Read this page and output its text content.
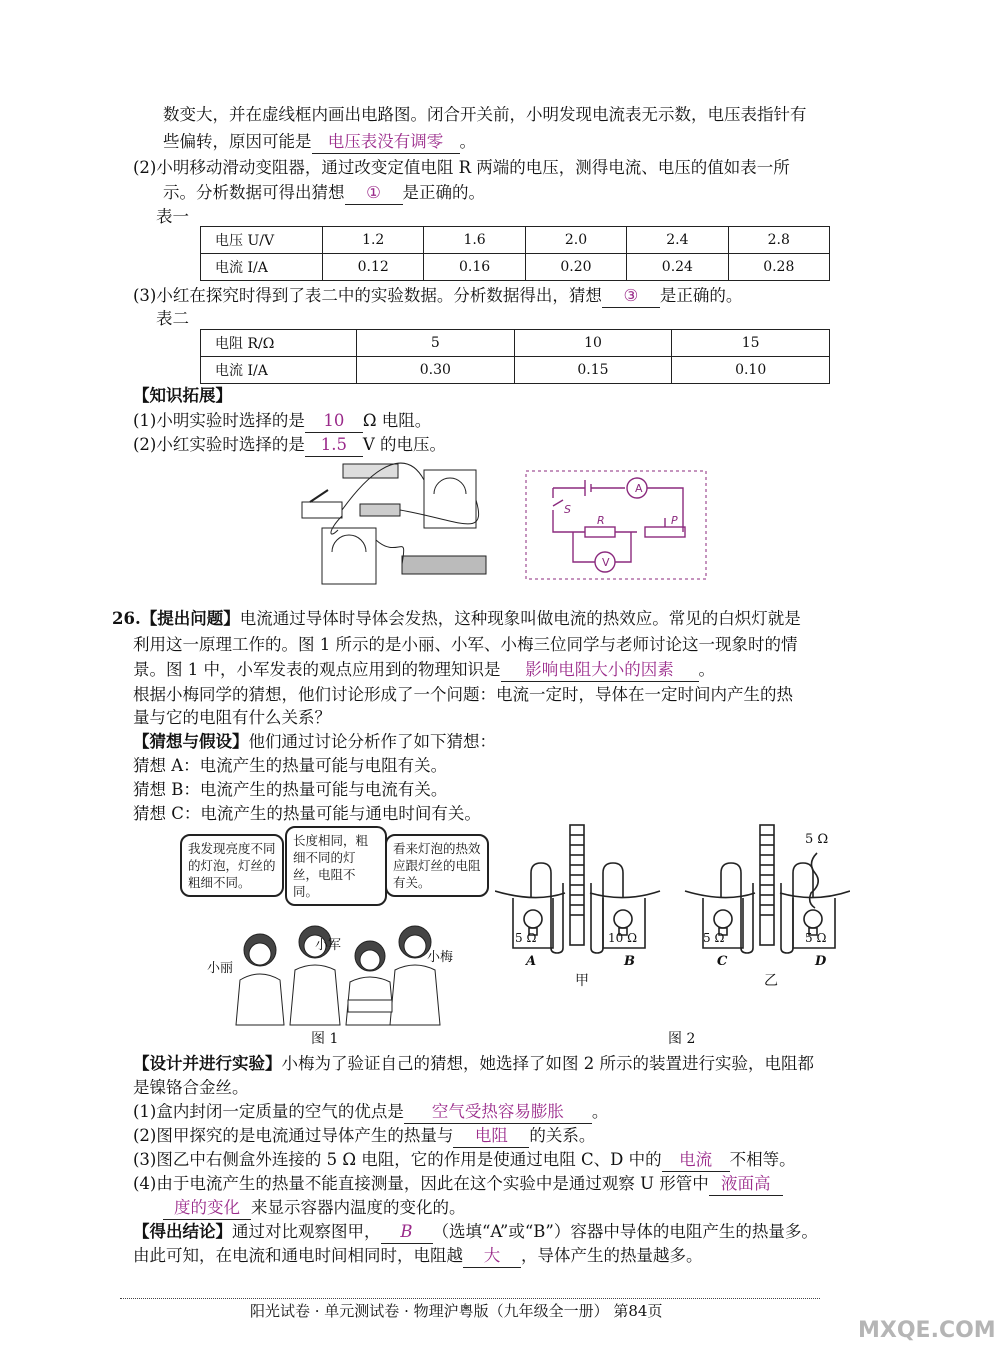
数变大，并在虚线框内画出电路图。闭合开关前，小明发现电流表无示数，电压表指针有
些偏转，原因可能是 电压表没有调零 。
(2)小明移动滑动变阻器，通过改变定值电阻 R 两端的电压，测得电流、电压的值如表一所
示。分析数据可得出猜想 ① 是正确的。
表一
电压 U/V	1.2	1.6	2.0	2.4	2.8
电流 I/A	0.12	0.16	0.20	0.24	0.28
(3)小红在探究时得到了表二中的实验数据。分析数据得出，猜想 ③ 是正确的。
表二
电阻 R/Ω	5	10	15
电流 I/A	0.30	0.15	0.10
【知识拓展】
(1)小明实验时选择的是 10 Ω 电阻。
(2)小红实验时选择的是 1.5 V 的电压。
A
S
R	P
V
26.【提出问题】电流通过导体时导体会发热，这种现象叫做电流的热效应。常见的白炽灯就是
利用这一原理工作的。图 1 所示的是小丽、小军、小梅三位同学与老师讨论这一现象时的情
景。图 1 中，小军发表的观点应用到的物理知识是 影响电阻大小的因素 。
根据小梅同学的猜想，他们讨论形成了一个问题：电流一定时，导体在一定时间内产生的热
量与它的电阻有什么关系？
【猜想与假设】他们通过讨论分析作了如下猜想：
猜想 A：电流产生的热量可能与电阻有关。
猜想 B：电流产生的热量可能与电流有关。
猜想 C：电流产生的热量可能与通电时间有关。
我发现亮度不同的灯泡，灯丝的粗细不同。
长度相同，粗细不同的灯丝，电阻不同。
看来灯泡的热效应跟灯丝的电阻有关。
小丽
小军
小梅
图 1
5 Ω	10 Ω	5 Ω	5 Ω
5 Ω
A	B	C	D
甲	乙
图 2
【设计并进行实验】小梅为了验证自己的猜想，她选择了如图 2 所示的装置进行实验，电阻都
是镍铬合金丝。
(1)盒内封闭一定质量的空气的优点是 空气受热容易膨胀 。
(2)图甲探究的是电流通过导体产生的热量与 电阻 的关系。
(3)图乙中右侧盒外连接的 5 Ω 电阻，它的作用是使通过电阻 C、D 中的 电流 不相等。
(4)由于电流产生的热量不能直接测量，因此在这个实验中是通过观察 U 形管中 液面高
度的变化 来显示容器内温度的变化的。
【得出结论】通过对比观察图甲， B （选填“A”或“B”）容器中导体的电阻产生的热量多。
由此可知，在电流和通电时间相同时，电阻越 大 ，导体产生的热量越多。
阳光试卷 · 单元测试卷 · 物理沪粤版（九年级全一册） 第84页
MXQE.COM
